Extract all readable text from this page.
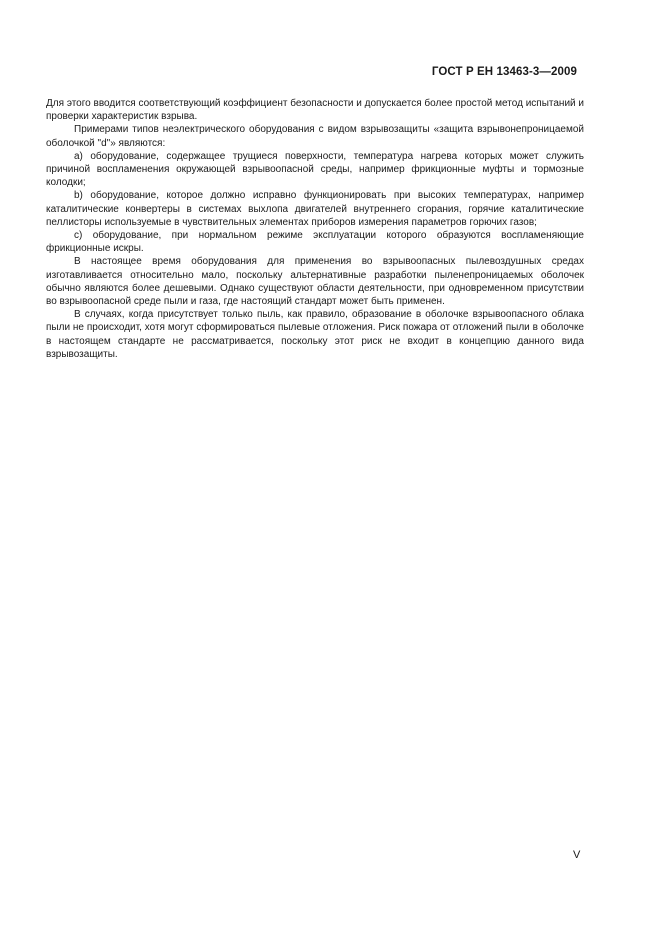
ГОСТ Р ЕН 13463-3—2009

Для этого вводится соответствующий коэффициент безопасности и допускается более простой метод испытаний и проверки характеристик взрыва.

Примерами типов неэлектрического оборудования с видом взрывозащиты «защита взрывонепроницаемой оболочкой "d"» являются:

а) оборудование, содержащее трущиеся поверхности, температура нагрева которых может служить причиной воспламенения окружающей взрывоопасной среды, например фрикционные муфты и тормозные колодки;

b) оборудование, которое должно исправно функционировать при высоких температурах, например каталитические конвертеры в системах выхлопа двигателей внутреннего сгорания, горячие каталитические пеллисторы используемые в чувствительных элементах приборов измерения параметров горючих газов;

с) оборудование, при нормальном режиме эксплуатации которого образуются воспламеняющие фрикционные искры.

В настоящее время оборудования для применения во взрывоопасных пылевоздушных средах изготавливается относительно мало, поскольку альтернативные разработки пыленепроницаемых оболочек обычно являются более дешевыми. Однако существуют области деятельности, при одновременном присутствии во взрывоопасной среде пыли и газа, где настоящий стандарт может быть применен.

В случаях, когда присутствует только пыль, как правило, образование в оболочке взрывоопасного облака пыли не происходит, хотя могут сформироваться пылевые отложения. Риск пожара от отложений пыли в оболочке в настоящем стандарте не рассматривается, поскольку этот риск не входит в концепцию данного вида взрывозащиты.

V
